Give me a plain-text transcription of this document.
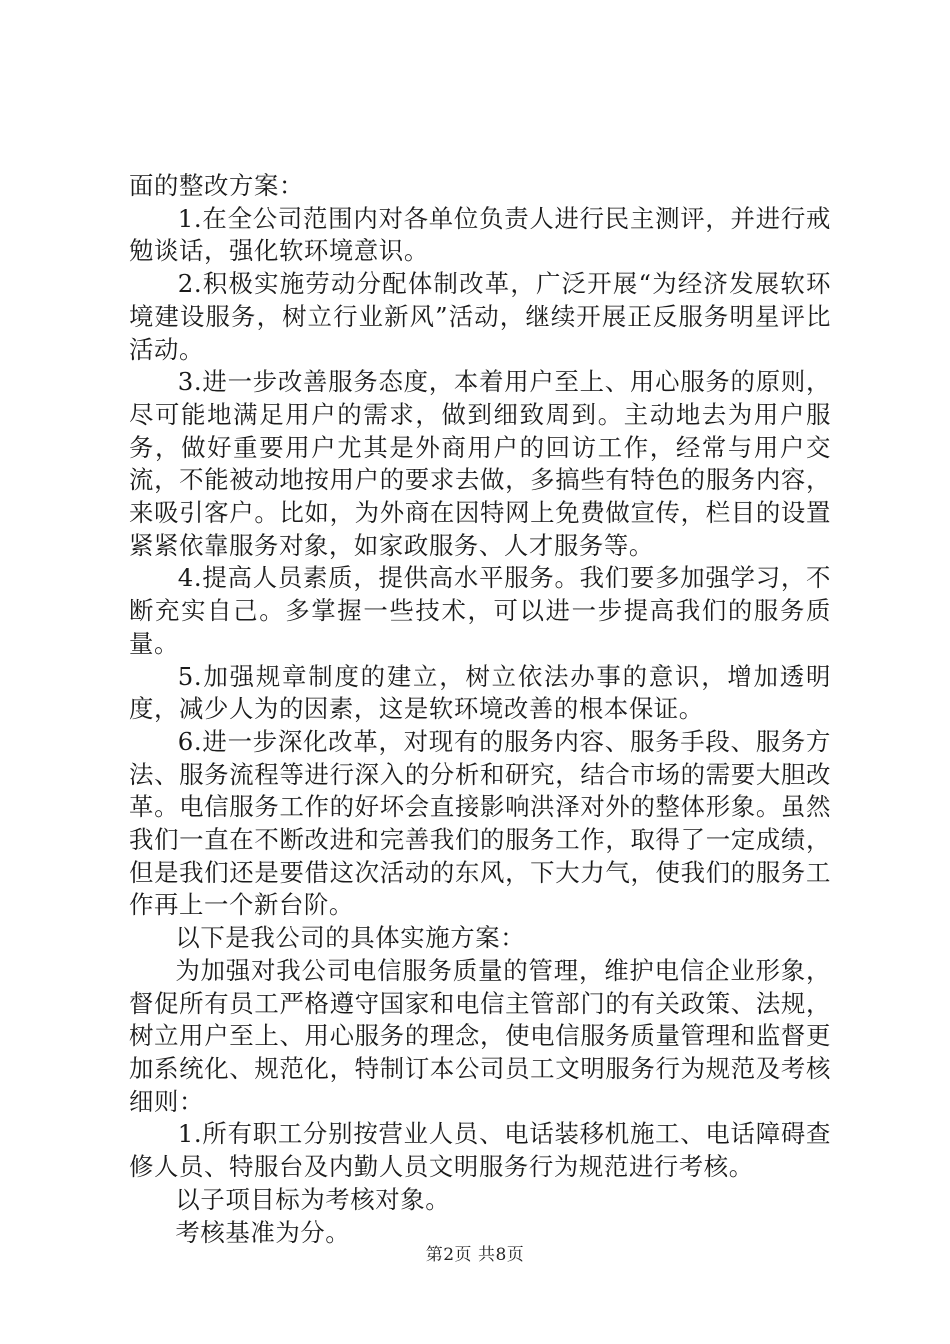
面的整改方案：

1.在全公司范围内对各单位负责人进行民主测评，并进行戒勉谈话，强化软环境意识。

2.积极实施劳动分配体制改革，广泛开展“为经济发展软环境建设服务，树立行业新风”活动，继续开展正反服务明星评比活动。

3.进一步改善服务态度，本着用户至上、用心服务的原则，尽可能地满足用户的需求，做到细致周到。主动地去为用户服务，做好重要用户尤其是外商用户的回访工作，经常与用户交流，不能被动地按用户的要求去做，多搞些有特色的服务内容，来吸引客户。比如，为外商在因特网上免费做宣传，栏目的设置紧紧依靠服务对象，如家政服务、人才服务等。

4.提高人员素质，提供高水平服务。我们要多加强学习，不断充实自己。多掌握一些技术，可以进一步提高我们的服务质量。

5.加强规章制度的建立，树立依法办事的意识，增加透明度，减少人为的因素，这是软环境改善的根本保证。

6.进一步深化改革，对现有的服务内容、服务手段、服务方法、服务流程等进行深入的分析和研究，结合市场的需要大胆改革。电信服务工作的好坏会直接影响洪泽对外的整体形象。虽然我们一直在不断改进和完善我们的服务工作，取得了一定成绩，但是我们还是要借这次活动的东风，下大力气，使我们的服务工作再上一个新台阶。

以下是我公司的具体实施方案：

为加强对我公司电信服务质量的管理，维护电信企业形象，督促所有员工严格遵守国家和电信主管部门的有关政策、法规，树立用户至上、用心服务的理念，使电信服务质量管理和监督更加系统化、规范化，特制订本公司员工文明服务行为规范及考核细则：

1.所有职工分别按营业人员、电话装移机施工、电话障碍查修人员、特服台及内勤人员文明服务行为规范进行考核。

以子项目标为考核对象。

考核基准为分。

第2页 共8页
